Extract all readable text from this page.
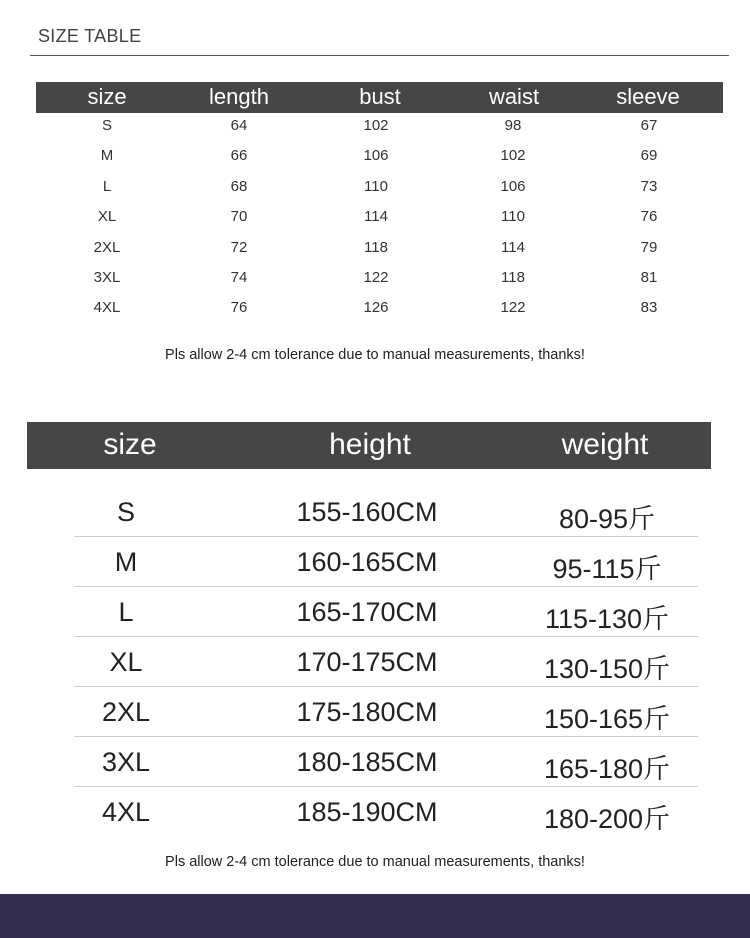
SIZE TABLE
size	length	bust	waist	sleeve
S	64	102	98	67
M	66	106	102	69
L	68	110	106	73
XL	70	114	110	76
2XL	72	118	114	79
3XL	74	122	118	81
4XL	76	126	122	83
Pls allow 2-4 cm tolerance due to manual measurements, thanks!
size	height	weight
S	155-160CM	80-95斤
M	160-165CM	95-115斤
L	165-170CM	115-130斤
XL	170-175CM	130-150斤
2XL	175-180CM	150-165斤
3XL	180-185CM	165-180斤
4XL	185-190CM	180-200斤
Pls allow 2-4 cm tolerance due to manual measurements, thanks!
